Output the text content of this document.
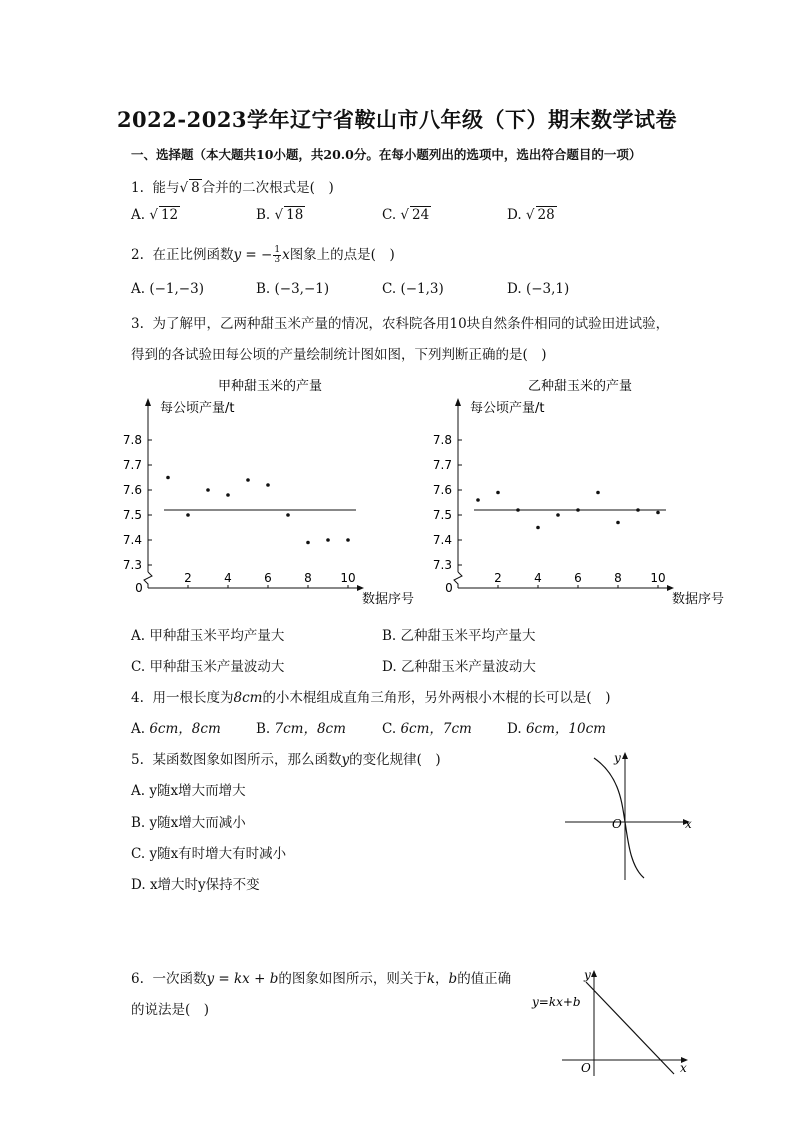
2022-2023学年辽宁省鞍山市八年级（下）期末数学试卷
一、选择题（本大题共10小题，共20.0分。在每小题列出的选项中，选出符合题目的一项）
1. 能与√ 8 合并的二次根式是(　)
A. √ 12	B. √ 18	C. √ 24	D. √ 28
2. 在正比例函数y = − $\frac{1}{3}$ x图象上的点是(　)
A. (−1,−3)	B. (−3,−1)	C. (−1,3)	D. (−3,1)
3. 为了解甲，乙两种甜玉米产量的情况，农科院各用10块自然条件相同的试验田进试验，
得到的各试验田每公顷的产量绘制统计图如图，下列判断正确的是(　)
甲种甜玉米的产量
每公顷产量/t
数据序号
0
7.3
7.4
7.5
7.6
7.7
7.8
2	4	6	8 10
乙种甜玉米的产量
每公顷产量/t
数据序号
0
7.3
7.4
7.5
7.6
7.7
7.8
2	4	6	8 10
A. 甲种甜玉米平均产量大	B. 乙种甜玉米平均产量大
C. 甲种甜玉米产量波动大	D. 乙种甜玉米产量波动大
4. 用一根长度为8cm的小木棍组成直角三角形，另外两根小木棍的长可以是(　)
A. 6cm，8cm	B. 7cm，8cm	C. 6cm，7cm	D. 6cm，10cm
5. 某函数图象如图所示，那么函数y的变化规律(　)
A. y随x增大而增大
B. y随x增大而减小
C. y随x有时增大有时减小
D. x增大时y保持不变
x
y
O
6. 一次函数y = kx + b的图象如图所示，则关于k，b的值正确
的说法是(　)
x
y
O
y=kx+b
